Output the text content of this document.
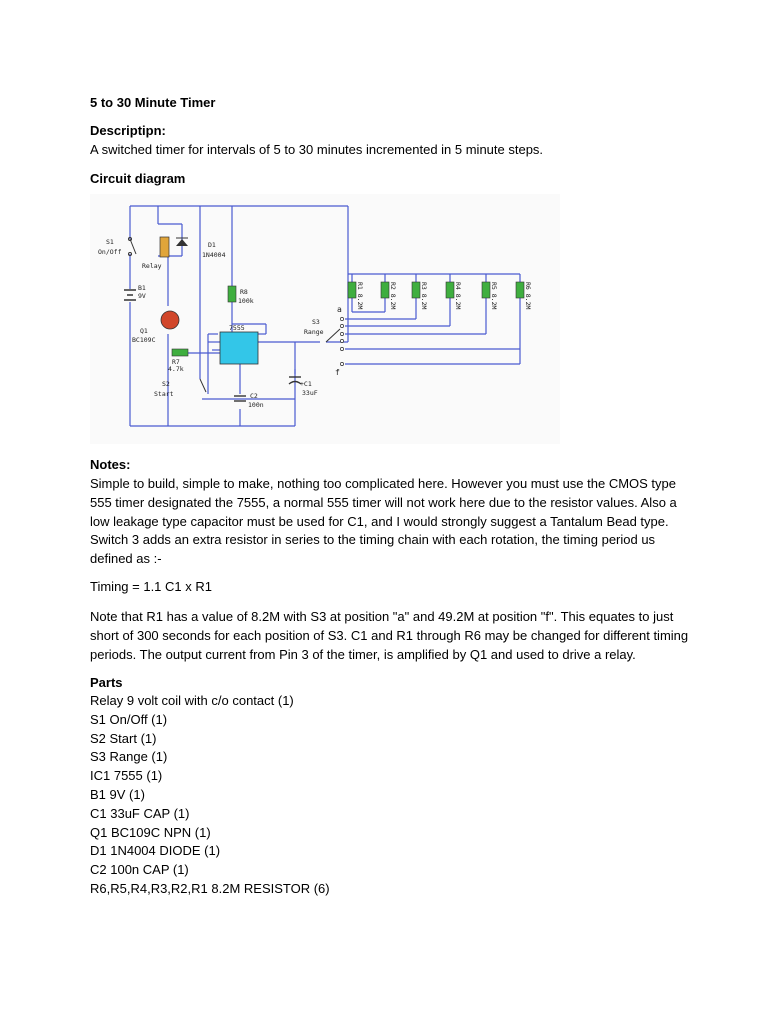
5 to 30 Minute Timer
Descriptipn:
A switched timer for intervals of 5 to 30 minutes incremented in 5 minute steps.
Circuit diagram
S1
On/Off
Relay
D1
1N4004
B1
9V
Q1
BC109C
R8
100k
7555
R7
4.7k
S2
Start	C2
100n
+C1
33uF
S3
Range
a
f
R1 8.2M	R2 8.2M	R3 8.2M	R4 8.2M	R5 8.2M	R6 8.2M
Notes:
Simple to build, simple to make, nothing too complicated here. However you must use the CMOS type
555 timer designated the 7555, a normal 555 timer will not work here due to the resistor values. Also a
low leakage type capacitor must be used for C1, and I would strongly suggest a Tantalum Bead type.
Switch 3 adds an extra resistor in series to the timing chain with each rotation, the timing period us
defined as :-
Timing = 1.1 C1 x R1
Note that R1 has a value of 8.2M with S3 at position "a" and 49.2M at position "f". This equates to just
short of 300 seconds for each position of S3. C1 and R1 through R6 may be changed for different timing
periods. The output current from Pin 3 of the timer, is amplified by Q1 and used to drive a relay.
Parts
Relay 9 volt coil with c/o contact (1)
S1 On/Off (1)
S2 Start (1)
S3 Range (1)
IC1 7555 (1)
B1 9V (1)
C1 33uF CAP (1)
Q1 BC109C NPN (1)
D1 1N4004 DIODE (1)
C2 100n CAP (1)
R6,R5,R4,R3,R2,R1 8.2M RESISTOR (6)
